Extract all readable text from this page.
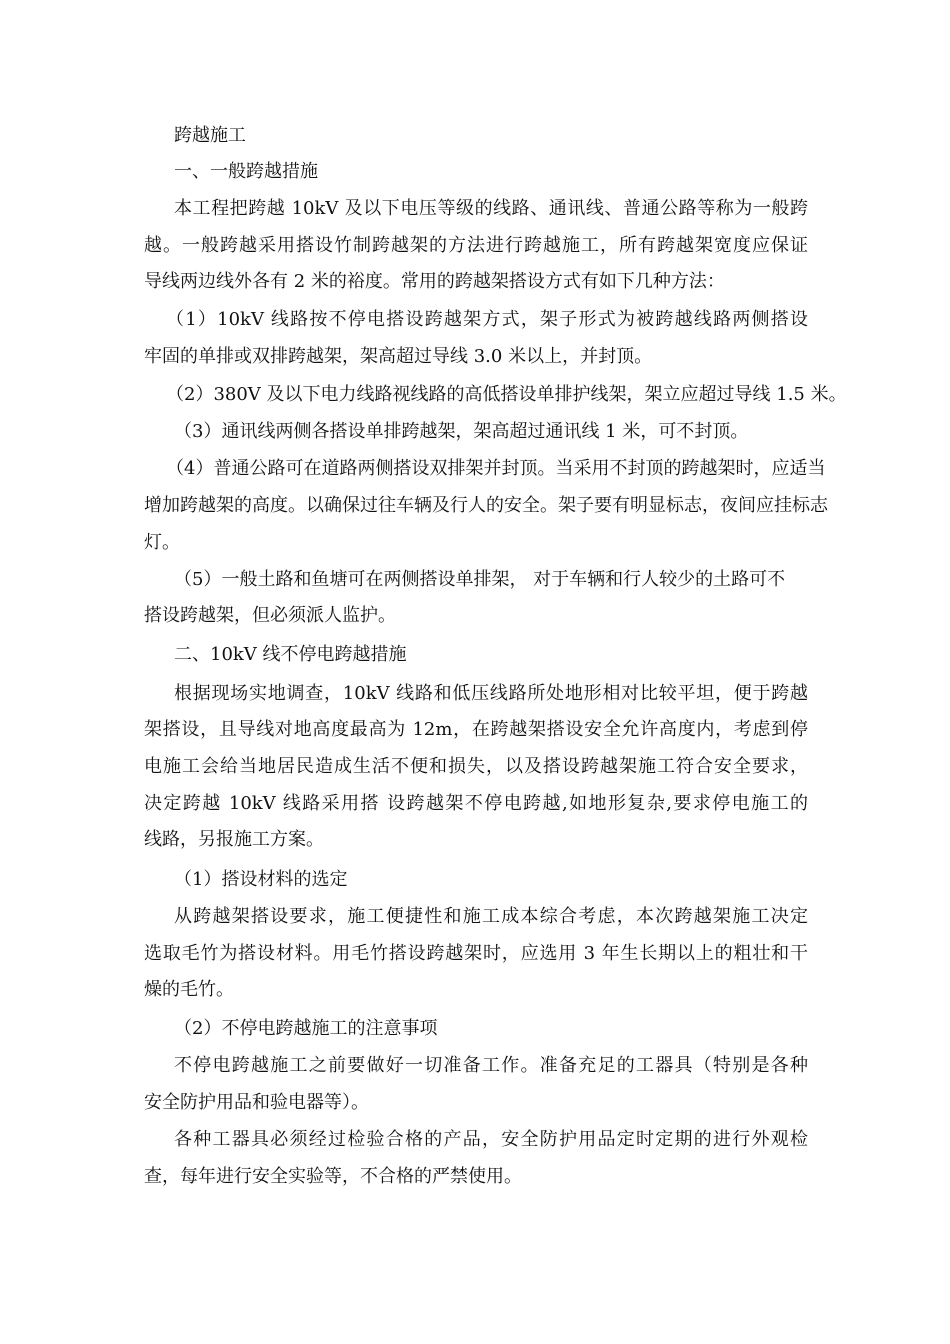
跨越施工
一、一般跨越措施
本工程把跨越 10kV 及以下电压等级的线路、通讯线、普通公路等称为一般跨
越。一般跨越采用搭设竹制跨越架的方法进行跨越施工，所有跨越架宽度应保证
导线两边线外各有 2 米的裕度。常用的跨越架搭设方式有如下几种方法：
（1）10kV 线路按不停电搭设跨越架方式，架子形式为被跨越线路两侧搭设
牢固的单排或双排跨越架，架高超过导线 3.0 米以上，并封顶。
（2）380V 及以下电力线路视线路的高低搭设单排护线架，架立应超过导线 1.5 米。
（3）通讯线两侧各搭设单排跨越架，架高超过通讯线 1 米，可不封顶。
（4）普通公路可在道路两侧搭设双排架并封顶。当采用不封顶的跨越架时，应适当
增加跨越架的高度。以确保过往车辆及行人的安全。架子要有明显标志，夜间应挂标志
灯。
（5）一般土路和鱼塘可在两侧搭设单排架， 对于车辆和行人较少的土路可不
搭设跨越架，但必须派人监护。
二、10kV 线不停电跨越措施
根据现场实地调查，10kV 线路和低压线路所处地形相对比较平坦，便于跨越
架搭设，且导线对地高度最高为 12m，在跨越架搭设安全允许高度内，考虑到停
电施工会给当地居民造成生活不便和损失，以及搭设跨越架施工符合安全要求，
决定跨越 10kV 线路采用搭 设跨越架不停电跨越,如地形复杂,要求停电施工的
线路，另报施工方案。
（1）搭设材料的选定
从跨越架搭设要求，施工便捷性和施工成本综合考虑，本次跨越架施工决定
选取毛竹为搭设材料。用毛竹搭设跨越架时，应选用 3 年生长期以上的粗壮和干
燥的毛竹。
（2）不停电跨越施工的注意事项
不停电跨越施工之前要做好一切准备工作。准备充足的工器具（特别是各种
安全防护用品和验电器等）。
各种工器具必须经过检验合格的产品，安全防护用品定时定期的进行外观检
查，每年进行安全实验等，不合格的严禁使用。
